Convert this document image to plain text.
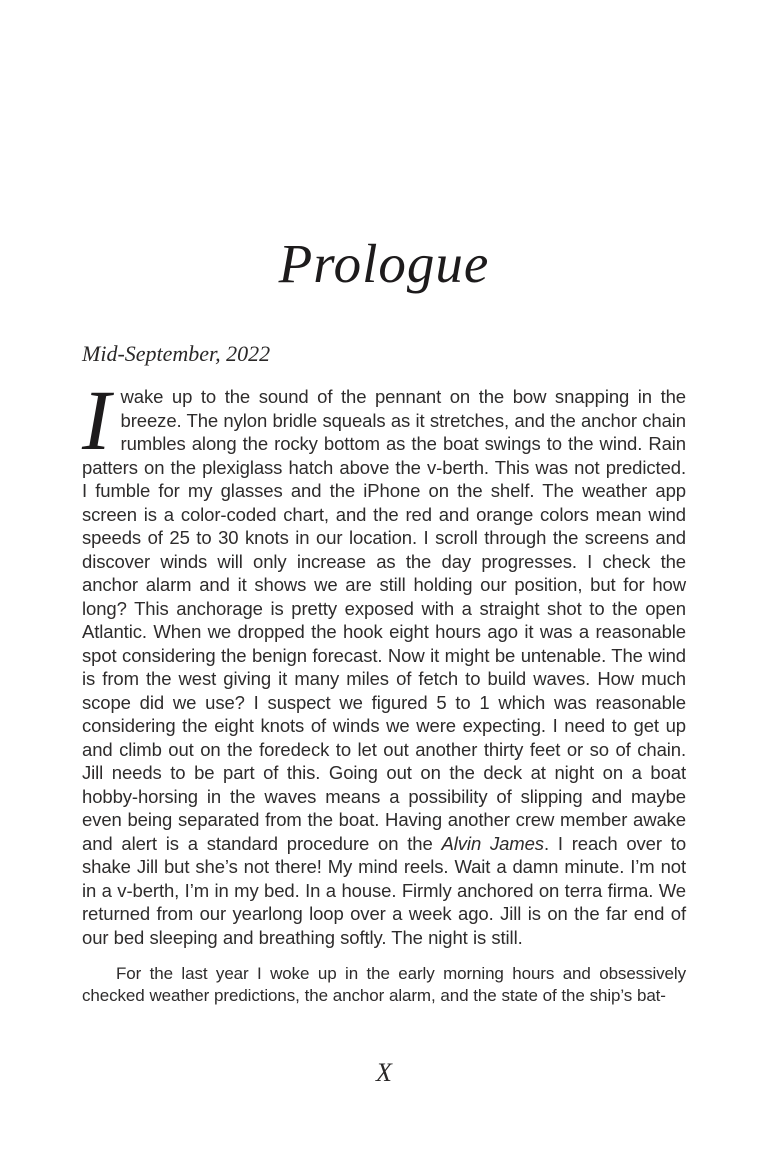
Prologue

Mid-September, 2022

Iwake up to the sound of the pennant on the bow snapping in the breeze. The nylon bridle squeals as it stretches, and the anchor chain rumbles along the rocky bottom as the boat swings to the wind. Rain patters on the plexiglass hatch above the v-berth. This was not predicted. I fumble for my glasses and the iPhone on the shelf. The weather app screen is a color-coded chart, and the red and orange colors mean wind speeds of 25 to 30 knots in our location. I scroll through the screens and discover winds will only increase as the day progresses. I check the anchor alarm and it shows we are still holding our position, but for how long? This anchorage is pretty exposed with a straight shot to the open Atlantic. When we dropped the hook eight hours ago it was a reasonable spot considering the benign forecast. Now it might be untenable. The wind is from the west giving it many miles of fetch to build waves. How much scope did we use? I suspect we figured 5 to 1 which was reasonable considering the eight knots of winds we were expecting. I need to get up and climb out on the foredeck to let out another thirty feet or so of chain. Jill needs to be part of this. Going out on the deck at night on a boat hobby-horsing in the waves means a possibility of slipping and maybe even being separated from the boat. Having another crew member awake and alert is a standard procedure on the Alvin James. I reach over to shake Jill but she’s not there! My mind reels. Wait a damn minute. I’m not in a v-berth, I’m in my bed. In a house. Firmly anchored on terra firma. We returned from our yearlong loop over a week ago. Jill is on the far end of our bed sleeping and breathing softly. The night is still.

For the last year I woke up in the early morning hours and obsessively checked weather predictions, the anchor alarm, and the state of the ship’s bat-

X
